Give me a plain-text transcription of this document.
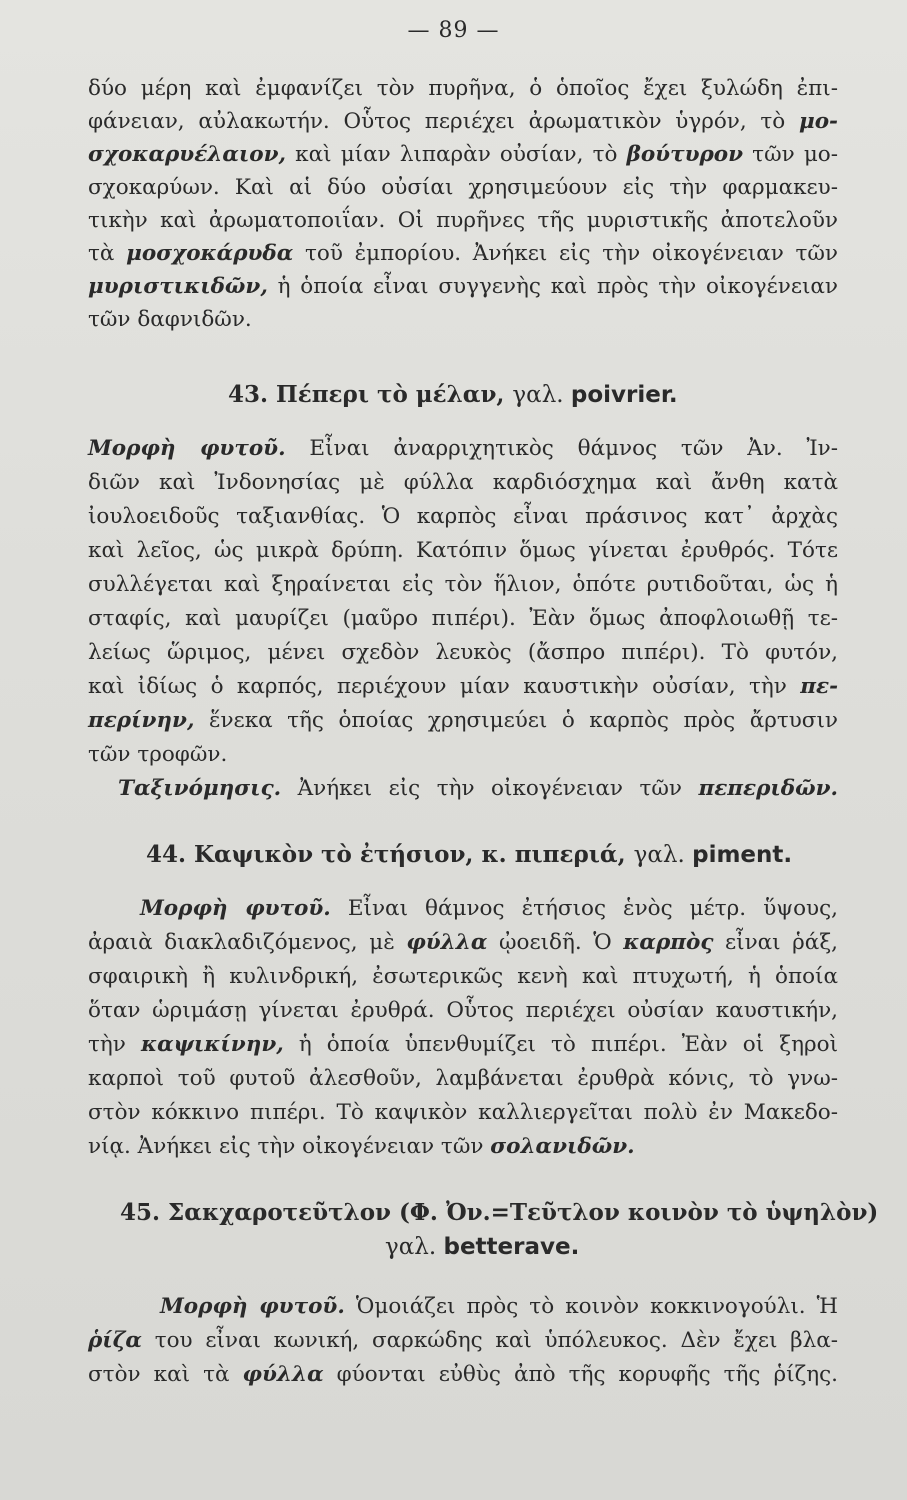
— 89 —
δύο μέρη καὶ ἐμφανίζει τὸν πυρῆνα, ὁ ὁποῖος ἔχει ξυλώδη ἐπι-
φάνειαν, αὐλακωτήν. Οὗτος περιέχει ἀρωματικὸν ὑγρόν, τὸ μο-
σχοκαρυέλαιον, καὶ μίαν λιπαρὰν οὐσίαν, τὸ βούτυρον τῶν μο-
σχοκαρύων. Καὶ αἱ δύο οὐσίαι χρησιμεύουν εἰς τὴν φαρμακευ-
τικὴν καὶ ἀρωματοποιΐαν. Οἱ πυρῆνες τῆς μυριστικῆς ἀποτελοῦν
τὰ μοσχοκάρυδα τοῦ ἐμπορίου. Ἀνήκει εἰς τὴν οἰκογένειαν τῶν
μυριστικιδῶν, ἡ ὁποία εἶναι συγγενὴς καὶ πρὸς τὴν οἰκογένειαν
τῶν δαφνιδῶν.
43. Πέπερι τὸ μέλαν, γαλ. poivrier.
Μορφὴ φυτοῦ. Εἶναι ἀναρριχητικὸς θάμνος τῶν Ἀν. Ἰν-
διῶν καὶ Ἰνδονησίας μὲ φύλλα καρδιόσχημα καὶ ἄνθη κατὰ
ἰουλοειδοῦς ταξιανθίας. Ὁ καρπὸς εἶναι πράσινος κατ᾽ ἀρχὰς
καὶ λεῖος, ὡς μικρὰ δρύπη. Κατόπιν ὅμως γίνεται ἐρυθρός. Τότε
συλλέγεται καὶ ξηραίνεται εἰς τὸν ἥλιον, ὁπότε ρυτιδοῦται, ὡς ἡ
σταφίς, καὶ μαυρίζει (μαῦρο πιπέρι). Ἐὰν ὅμως ἀποφλοιωθῇ τε-
λείως ὥριμος, μένει σχεδὸν λευκὸς (ἄσπρο πιπέρι). Τὸ φυτόν,
καὶ ἰδίως ὁ καρπός, περιέχουν μίαν καυστικὴν οὐσίαν, τὴν πε-
περίνην, ἕνεκα τῆς ὁποίας χρησιμεύει ὁ καρπὸς πρὸς ἄρτυσιν
τῶν τροφῶν.
Ταξινόμησις. Ἀνήκει εἰς τὴν οἰκογένειαν τῶν πεπεριδῶν.
44. Καψικὸν τὸ ἐτήσιον, κ. πιπεριά, γαλ. piment.
Μορφὴ φυτοῦ. Εἶναι θάμνος ἐτήσιος ἑνὸς μέτρ. ὕψους,
ἀραιὰ διακλαδιζόμενος, μὲ φύλλα ᾠοειδῆ. Ὁ καρπὸς εἶναι ῥάξ,
σφαιρικὴ ἢ κυλινδρική, ἐσωτερικῶς κενὴ καὶ πτυχωτή, ἡ ὁποία
ὅταν ὡριμάσῃ γίνεται ἐρυθρά. Οὗτος περιέχει οὐσίαν καυστικήν,
τὴν καψικίνην, ἡ ὁποία ὑπενθυμίζει τὸ πιπέρι. Ἐὰν οἱ ξηροὶ
καρποὶ τοῦ φυτοῦ ἀλεσθοῦν, λαμβάνεται ἐρυθρὰ κόνις, τὸ γνω-
στὸν κόκκινο πιπέρι. Τὸ καψικὸν καλλιεργεῖται πολὺ ἐν Μακεδο-
νίᾳ. Ἀνήκει εἰς τὴν οἰκογένειαν τῶν σολανιδῶν.
45. Σακχαροτεῦτλον (Φ. Ὀν.=Τεῦτλον κοινὸν τὸ ὑψηλὸν)
γαλ. betterave.
Μορφὴ φυτοῦ. Ὁμοιάζει πρὸς τὸ κοινὸν κοκκινογούλι. Ἡ
ῥίζα του εἶναι κωνική, σαρκώδης καὶ ὑπόλευκος. Δὲν ἔχει βλα-
στὸν καὶ τὰ φύλλα φύονται εὐθὺς ἀπὸ τῆς κορυφῆς τῆς ῥίζης.
